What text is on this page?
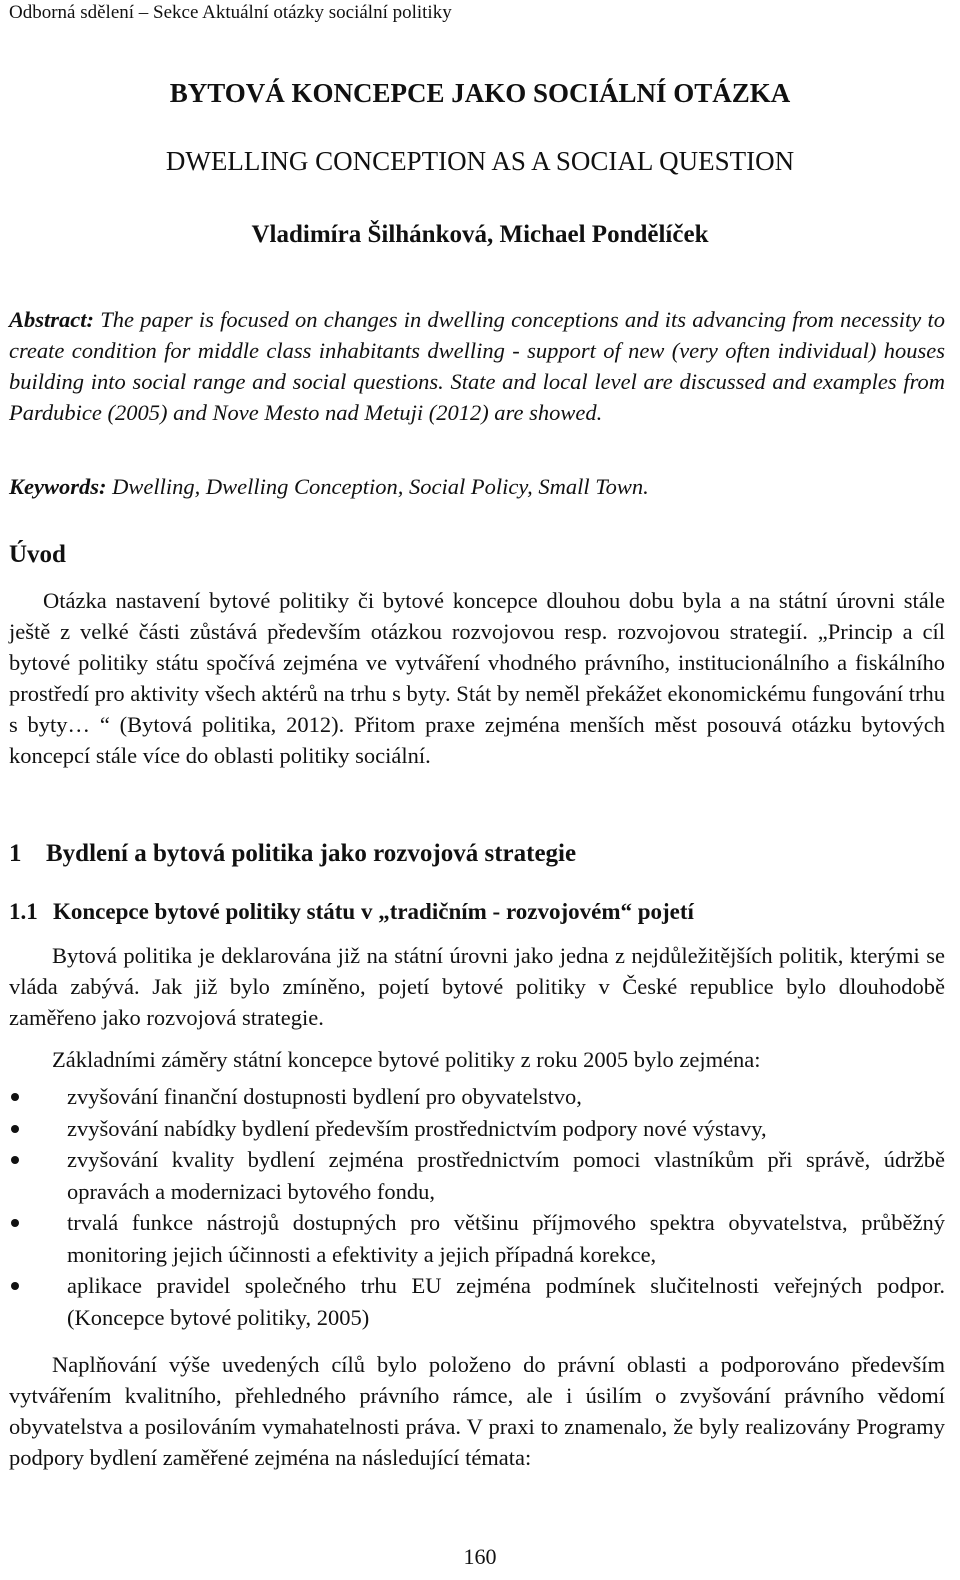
Odborná sdělení – Sekce Aktuální otázky sociální politiky
BYTOVÁ KONCEPCE JAKO SOCIÁLNÍ OTÁZKA
DWELLING CONCEPTION AS A SOCIAL QUESTION
Vladimíra Šilhánková, Michael Pondělíček

Abstract: The paper is focused on changes in dwelling conceptions and its advancing from necessity to create condition for middle class inhabitants dwelling - support of new (very often individual) houses building into social range and social questions. State and local level are discussed and examples from Pardubice (2005) and Nove Mesto nad Metuji (2012) are showed.

Keywords: Dwelling, Dwelling Conception, Social Policy, Small Town.

Úvod

Otázka nastavení bytové politiky či bytové koncepce dlouhou dobu byla a na státní úrovni stále ještě z velké části zůstává především otázkou rozvojovou resp. rozvojovou strategií. „Princip a cíl bytové politiky státu spočívá zejména ve vytváření vhodného právního, institucionálního a fiskálního prostředí pro aktivity všech aktérů na trhu s byty. Stát by neměl překážet ekonomickému fungování trhu s byty… “ (Bytová politika, 2012). Přitom praxe zejména menších měst posouvá otázku bytových koncepcí stále více do oblasti politiky sociální.

1 Bydlení a bytová politika jako rozvojová strategie
1.1 Koncepce bytové politiky státu v „tradičním - rozvojovém“ pojetí

Bytová politika je deklarována již na státní úrovni jako jedna z nejdůležitějších politik, kterými se vláda zabývá. Jak již bylo zmíněno, pojetí bytové politiky v České republice bylo dlouhodobě zaměřeno jako rozvojová strategie.

Základními záměry státní koncepce bytové politiky z roku 2005 bylo zejména:

zvyšování finanční dostupnosti bydlení pro obyvatelstvo,
zvyšování nabídky bydlení především prostřednictvím podpory nové výstavy,
zvyšování kvality bydlení zejména prostřednictvím pomoci vlastníkům při správě, údržbě opravách a modernizaci bytového fondu,
trvalá funkce nástrojů dostupných pro většinu příjmového spektra obyvatelstva, průběžný monitoring jejich účinnosti a efektivity a jejich případná korekce,
aplikace pravidel společného trhu EU zejména podmínek slučitelnosti veřejných podpor. (Koncepce bytové politiky, 2005)

Naplňování výše uvedených cílů bylo položeno do právní oblasti a podporováno především vytvářením kvalitního, přehledného právního rámce, ale i úsilím o zvyšování právního vědomí obyvatelstva a posilováním vymahatelnosti práva. V praxi to znamenalo, že byly realizovány Programy podpory bydlení zaměřené zejména na následující témata:

160
